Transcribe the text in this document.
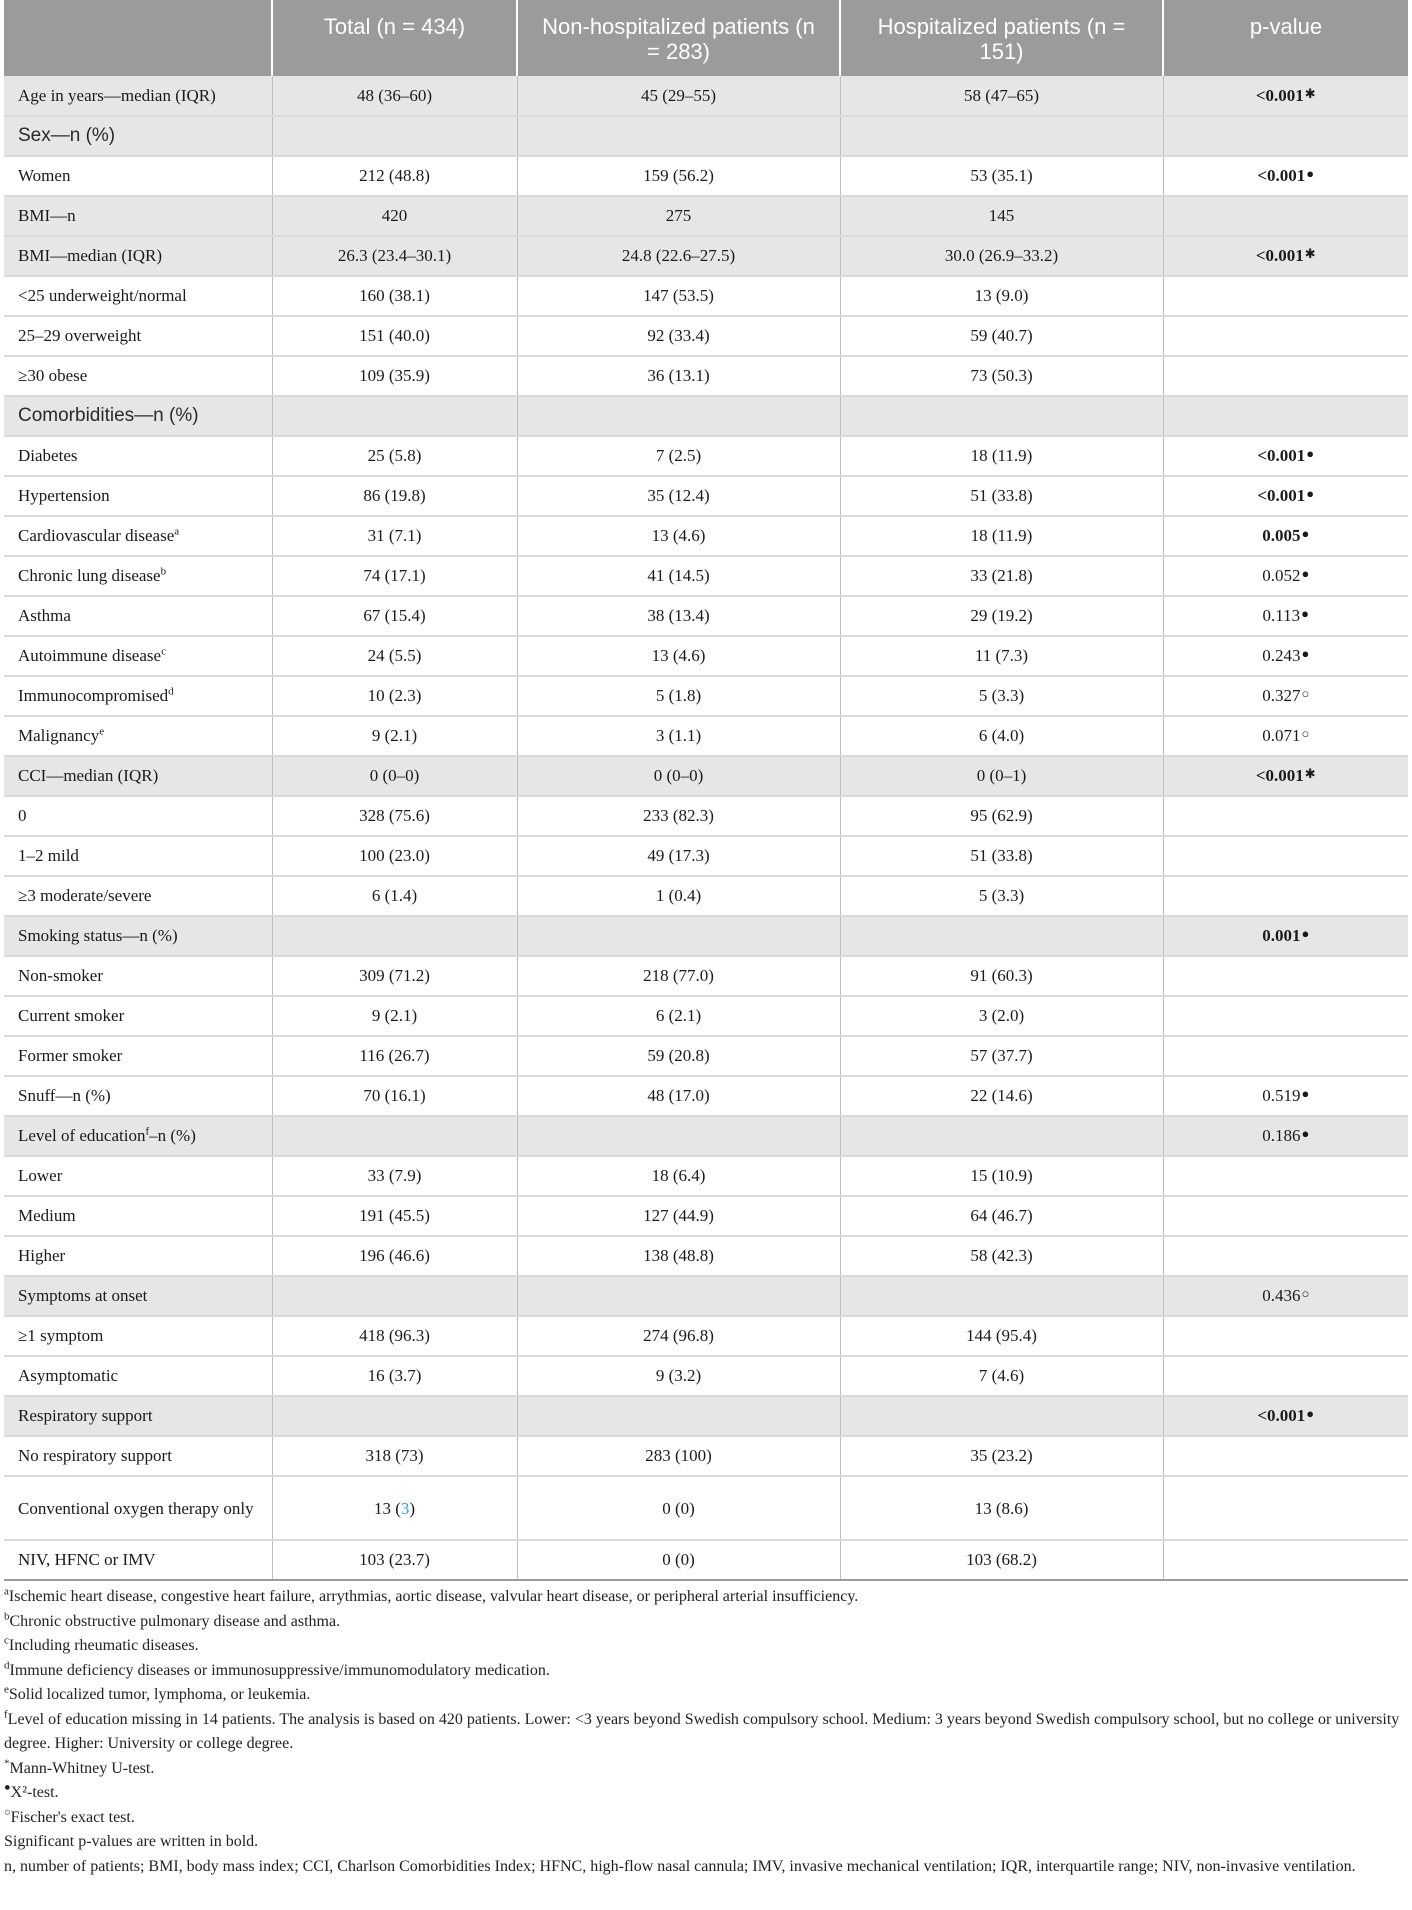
	Total (n = 434)	Non-hospitalized patients (n = 283)	Hospitalized patients (n = 151)	p-value
Age in years—median (IQR)	48 (36–60)	45 (29–55)	58 (47–65)	<0.001✱
Sex—n (%)				
Women	212 (48.8)	159 (56.2)	53 (35.1)	<0.001●
BMI—n	420	275	145	
BMI—median (IQR)	26.3 (23.4–30.1)	24.8 (22.6–27.5)	30.0 (26.9–33.2)	<0.001✱
<25 underweight/normal	160 (38.1)	147 (53.5)	13 (9.0)	
25–29 overweight	151 (40.0)	92 (33.4)	59 (40.7)	
≥30 obese	109 (35.9)	36 (13.1)	73 (50.3)	
Comorbidities—n (%)				
Diabetes	25 (5.8)	7 (2.5)	18 (11.9)	<0.001●
Hypertension	86 (19.8)	35 (12.4)	51 (33.8)	<0.001●
Cardiovascular disease$^a$	31 (7.1)	13 (4.6)	18 (11.9)	0.005●
Chronic lung disease$^b$	74 (17.1)	41 (14.5)	33 (21.8)	0.052●
Asthma	67 (15.4)	38 (13.4)	29 (19.2)	0.113●
Autoimmune disease$^c$	24 (5.5)	13 (4.6)	11 (7.3)	0.243●
Immunocompromised$^d$	10 (2.3)	5 (1.8)	5 (3.3)	0.327○
Malignancy$^e$	9 (2.1)	3 (1.1)	6 (4.0)	0.071○
CCI—median (IQR)	0 (0–0)	0 (0–0)	0 (0–1)	<0.001✱
0	328 (75.6)	233 (82.3)	95 (62.9)	
1–2 mild	100 (23.0)	49 (17.3)	51 (33.8)	
≥3 moderate/severe	6 (1.4)	1 (0.4)	5 (3.3)	
Smoking status—n (%)				0.001●
Non-smoker	309 (71.2)	218 (77.0)	91 (60.3)	
Current smoker	9 (2.1)	6 (2.1)	3 (2.0)	
Former smoker	116 (26.7)	59 (20.8)	57 (37.7)	
Snuff—n (%)	70 (16.1)	48 (17.0)	22 (14.6)	0.519●
Level of education$^f$–n (%)				0.186●
Lower	33 (7.9)	18 (6.4)	15 (10.9)	
Medium	191 (45.5)	127 (44.9)	64 (46.7)	
Higher	196 (46.6)	138 (48.8)	58 (42.3)	
Symptoms at onset				0.436○
≥1 symptom	418 (96.3)	274 (96.8)	144 (95.4)	
Asymptomatic	16 (3.7)	9 (3.2)	7 (4.6)	
Respiratory support				<0.001●
No respiratory support	318 (73)	283 (100)	35 (23.2)	
Conventional oxygen therapy only	13 (3)	0 (0)	13 (8.6)	
NIV, HFNC or IMV	103 (23.7)	0 (0)	103 (68.2)	

$^a$Ischemic heart disease, congestive heart failure, arrythmias, aortic disease, valvular heart disease, or peripheral arterial insufficiency.

$^b$Chronic obstructive pulmonary disease and asthma.

$^c$Including rheumatic diseases.

$^d$Immune deficiency diseases or immunosuppressive/immunomodulatory medication.

$^e$Solid localized tumor, lymphoma, or leukemia.

$^f$Level of education missing in 14 patients. The analysis is based on 420 patients. Lower: <3 years beyond Swedish compulsory school. Medium: 3 years beyond Swedish compulsory school, but no college or university degree. Higher: University or college degree.

*Mann-Whitney U-test.

●X²-test.

○Fischer's exact test.

Significant p-values are written in bold.

n, number of patients; BMI, body mass index; CCI, Charlson Comorbidities Index; HFNC, high-flow nasal cannula; IMV, invasive mechanical ventilation; IQR, interquartile range; NIV, non-invasive ventilation.
